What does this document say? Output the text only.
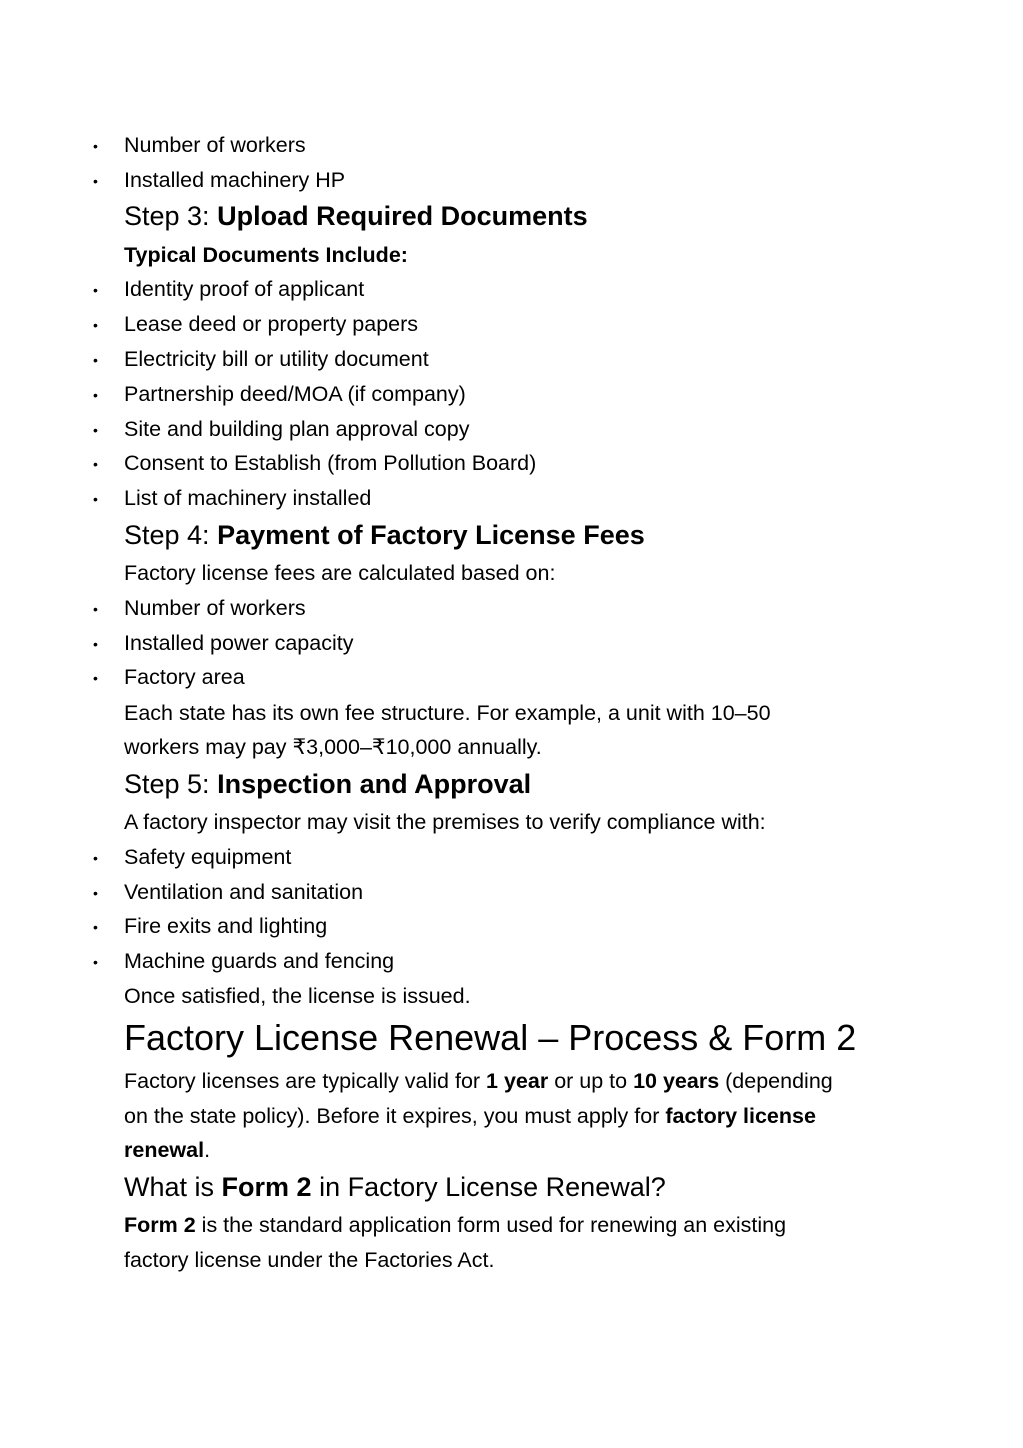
• Number of workers
• Installed machinery HP
Step 3: Upload Required Documents
Typical Documents Include:
• Identity proof of applicant
• Lease deed or property papers
• Electricity bill or utility document
• Partnership deed/MOA (if company)
• Site and building plan approval copy
• Consent to Establish (from Pollution Board)
• List of machinery installed
Step 4: Payment of Factory License Fees
Factory license fees are calculated based on:
• Number of workers
• Installed power capacity
• Factory area
Each state has its own fee structure. For example, a unit with 10–50
workers may pay ₹3,000–₹10,000 annually.
Step 5: Inspection and Approval
A factory inspector may visit the premises to verify compliance with:
• Safety equipment
• Ventilation and sanitation
• Fire exits and lighting
• Machine guards and fencing
Once satisfied, the license is issued.
Factory License Renewal – Process & Form 2
Factory licenses are typically valid for 1 year or up to 10 years (depending
on the state policy). Before it expires, you must apply for factory license
renewal.
What is Form 2 in Factory License Renewal?
Form 2 is the standard application form used for renewing an existing
factory license under the Factories Act.
